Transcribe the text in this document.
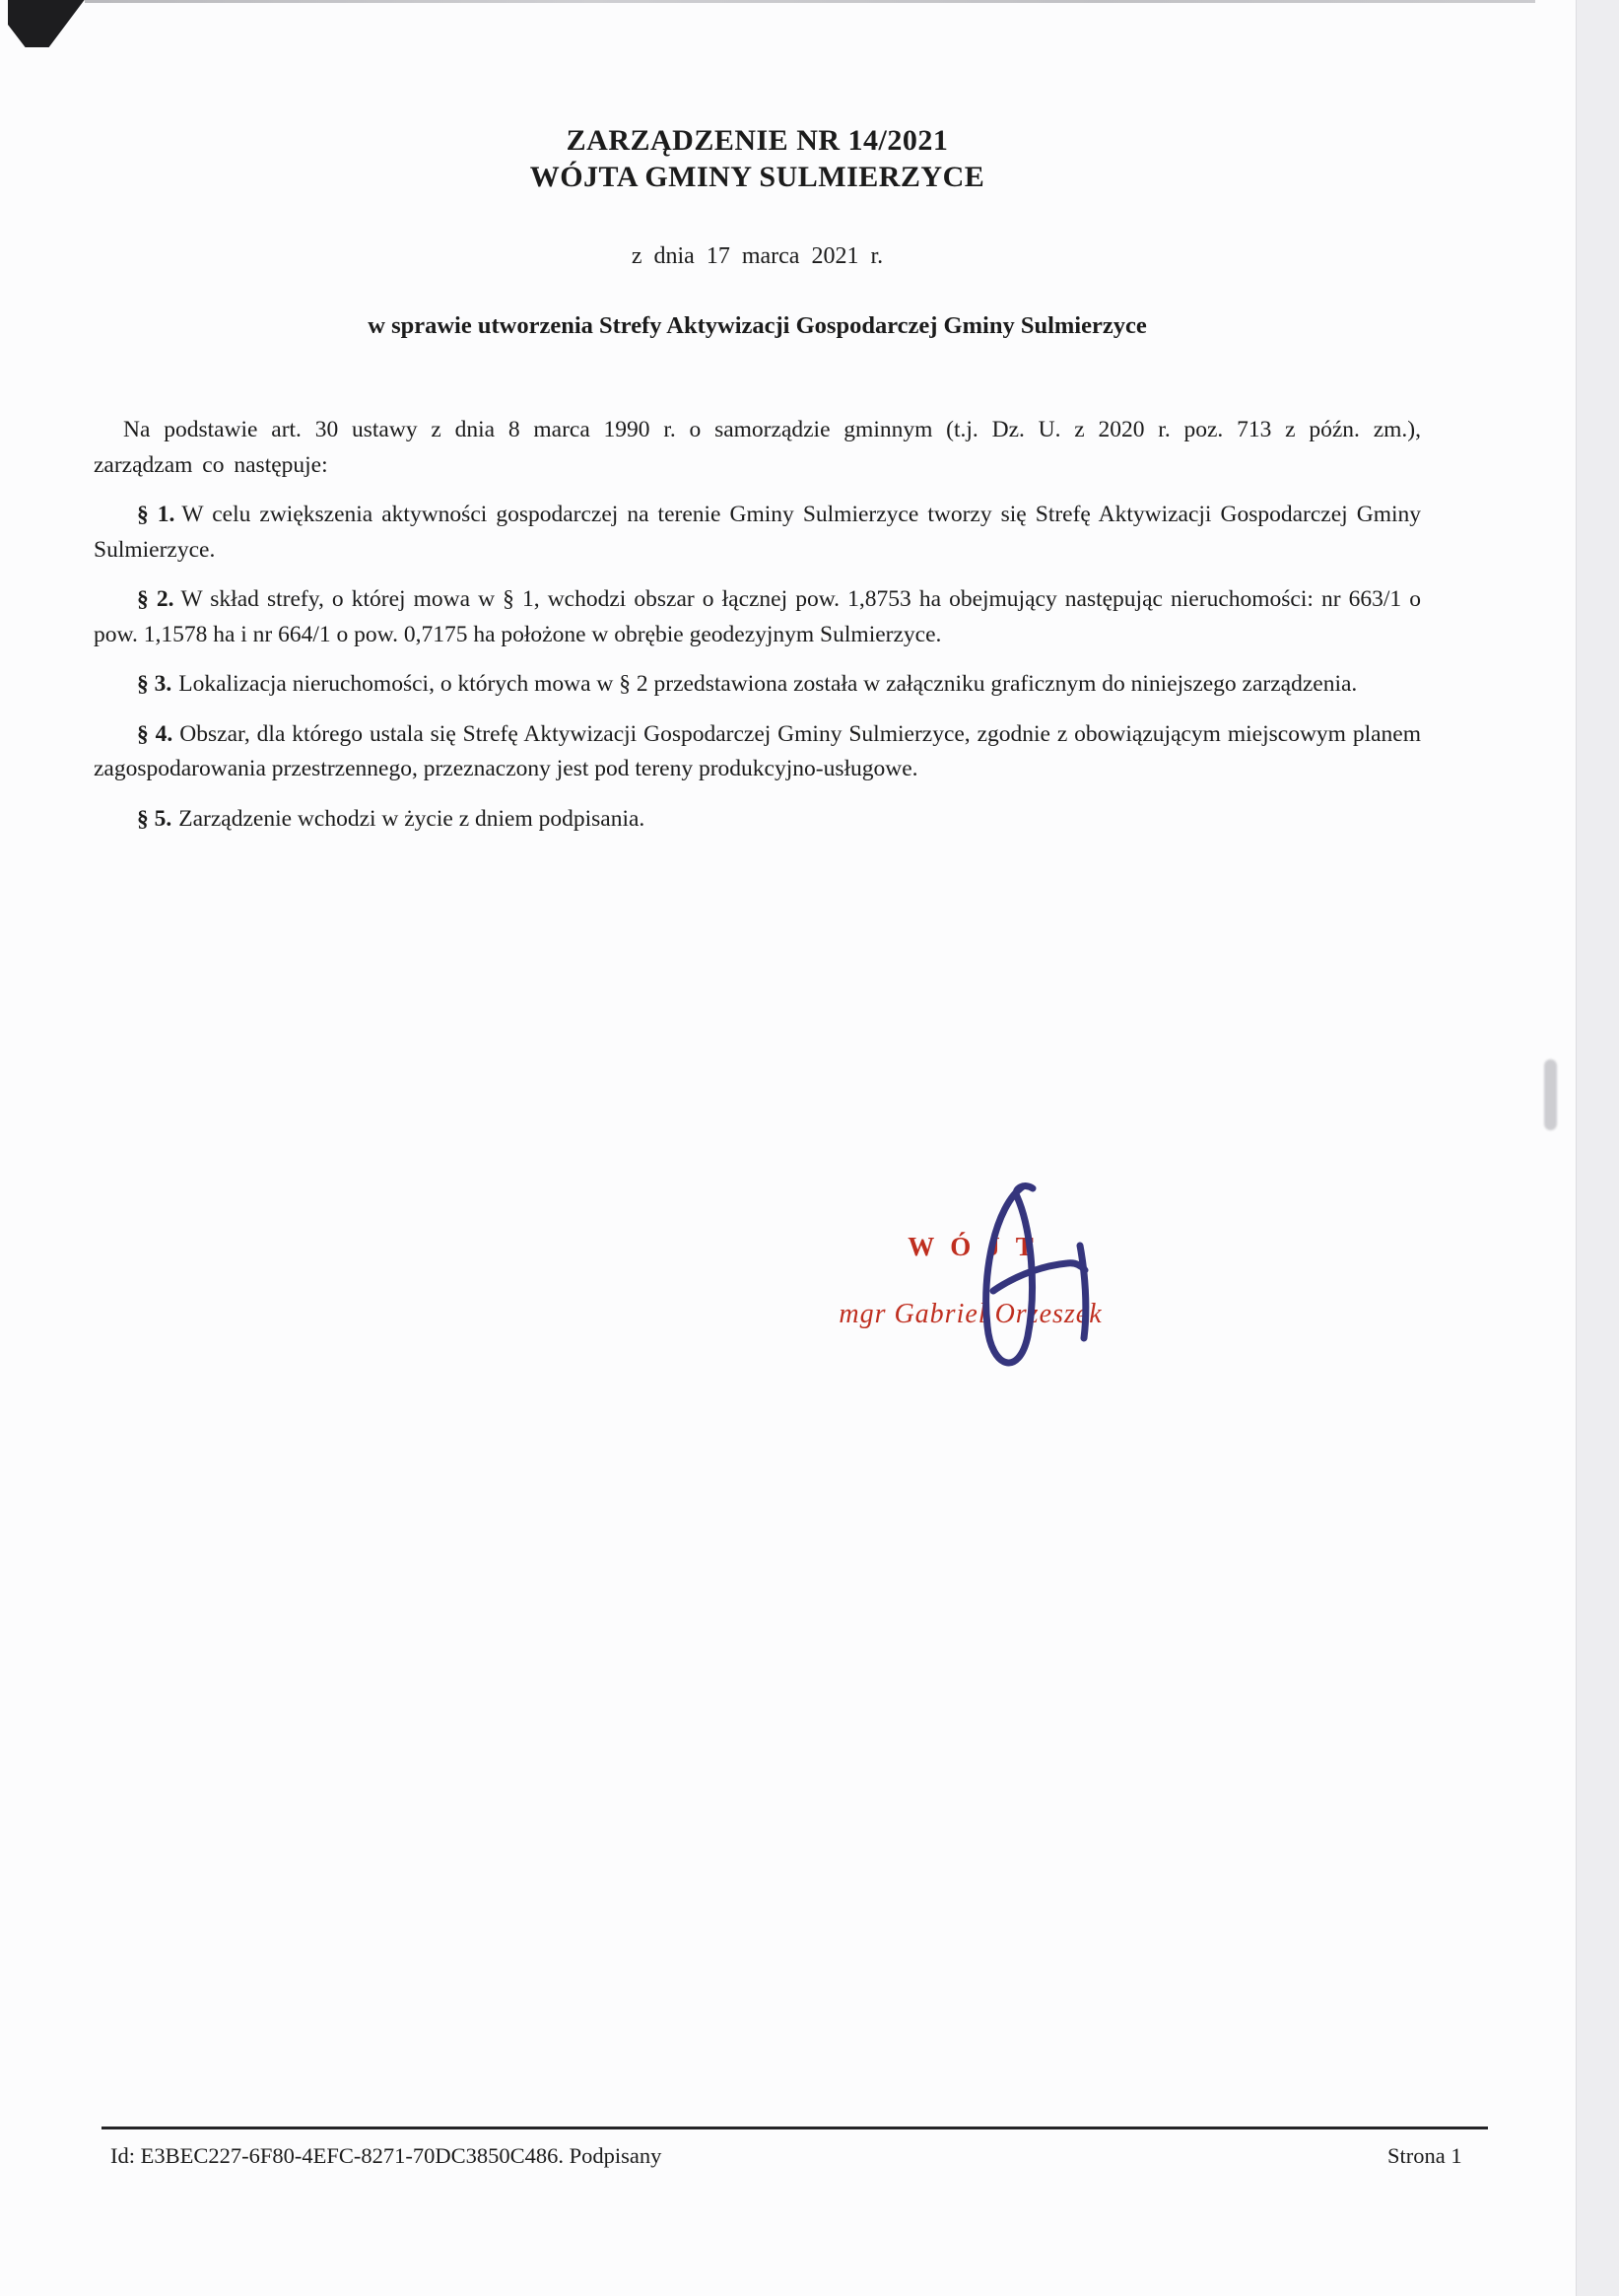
ZARZĄDZENIE NR 14/2021
WÓJTA GMINY SULMIERZYCE
z dnia 17 marca 2021 r.
w sprawie utworzenia Strefy Aktywizacji Gospodarczej Gminy Sulmierzyce

Na podstawie art. 30 ustawy z dnia 8 marca 1990 r. o samorządzie gminnym (t.j. Dz. U. z 2020 r. poz. 713 z późn. zm.), zarządzam co następuje:

§ 1. W celu zwiększenia aktywności gospodarczej na terenie Gminy Sulmierzyce tworzy się Strefę Aktywizacji Gospodarczej Gminy Sulmierzyce.

§ 2. W skład strefy, o której mowa w § 1, wchodzi obszar o łącznej pow. 1,8753 ha obejmujący następując nieruchomości: nr 663/1 o pow. 1,1578 ha i nr 664/1 o pow. 0,7175 ha położone w obrębie geodezyjnym Sulmierzyce.

§ 3. Lokalizacja nieruchomości, o których mowa w § 2 przedstawiona została w załączniku graficznym do niniejszego zarządzenia.

§ 4. Obszar, dla którego ustala się Strefę Aktywizacji Gospodarczej Gminy Sulmierzyce, zgodnie z obowiązującym miejscowym planem zagospodarowania przestrzennego, przeznaczony jest pod tereny produkcyjno-usługowe.

§ 5. Zarządzenie wchodzi w życie z dniem podpisania.

WÓJT
mgr Gabriel Orzeszek
Id: E3BEC227-6F80-4EFC-8271-70DC3850C486. Podpisany	Strona 1
